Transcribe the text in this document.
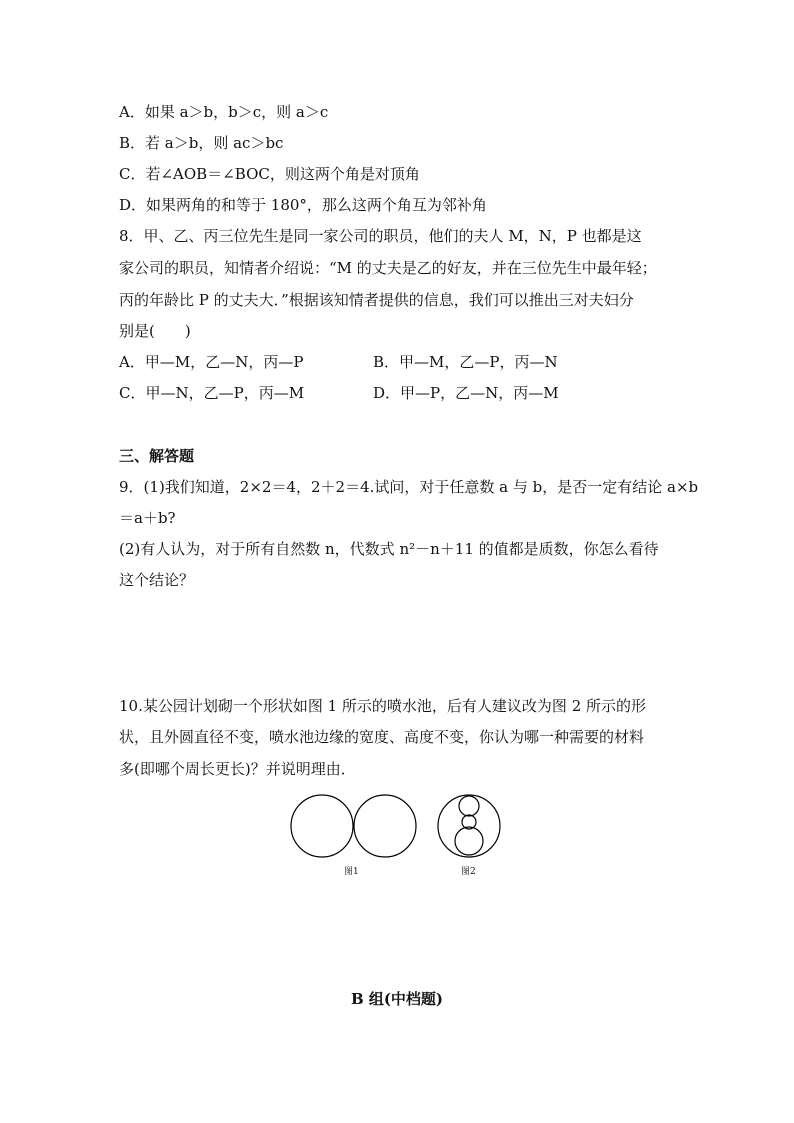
A．如果 a＞b，b＞c，则 a＞c
B．若 a＞b，则 ac＞bc
C．若∠AOB＝∠BOC，则这两个角是对顶角
D．如果两角的和等于 180°，那么这两个角互为邻补角
8．甲、乙、丙三位先生是同一家公司的职员，他们的夫人 M，N，P 也都是这
家公司的职员，知情者介绍说：“M 的丈夫是乙的好友，并在三位先生中最年轻；
丙的年龄比 P 的丈夫大．”根据该知情者提供的信息，我们可以推出三对夫妇分
别是(　　)
A．甲—M，乙—N，丙—P	B．甲—M，乙—P，丙—N
C．甲—N，乙—P，丙—M	D．甲—P，乙—N，丙—M
三、解答题
9．(1)我们知道，2×2＝4，2＋2＝4.试问，对于任意数 a 与 b，是否一定有结论 a×b
＝a＋b?
(2)有人认为，对于所有自然数 n，代数式 n²－n＋11 的值都是质数，你怎么看待
这个结论？
10.某公园计划砌一个形状如图 1 所示的喷水池，后有人建议改为图 2 所示的形
状，且外圆直径不变，喷水池边缘的宽度、高度不变，你认为哪一种需要的材料
多(即哪个周长更长)？并说明理由．
图1	图2
B 组(中档题)
